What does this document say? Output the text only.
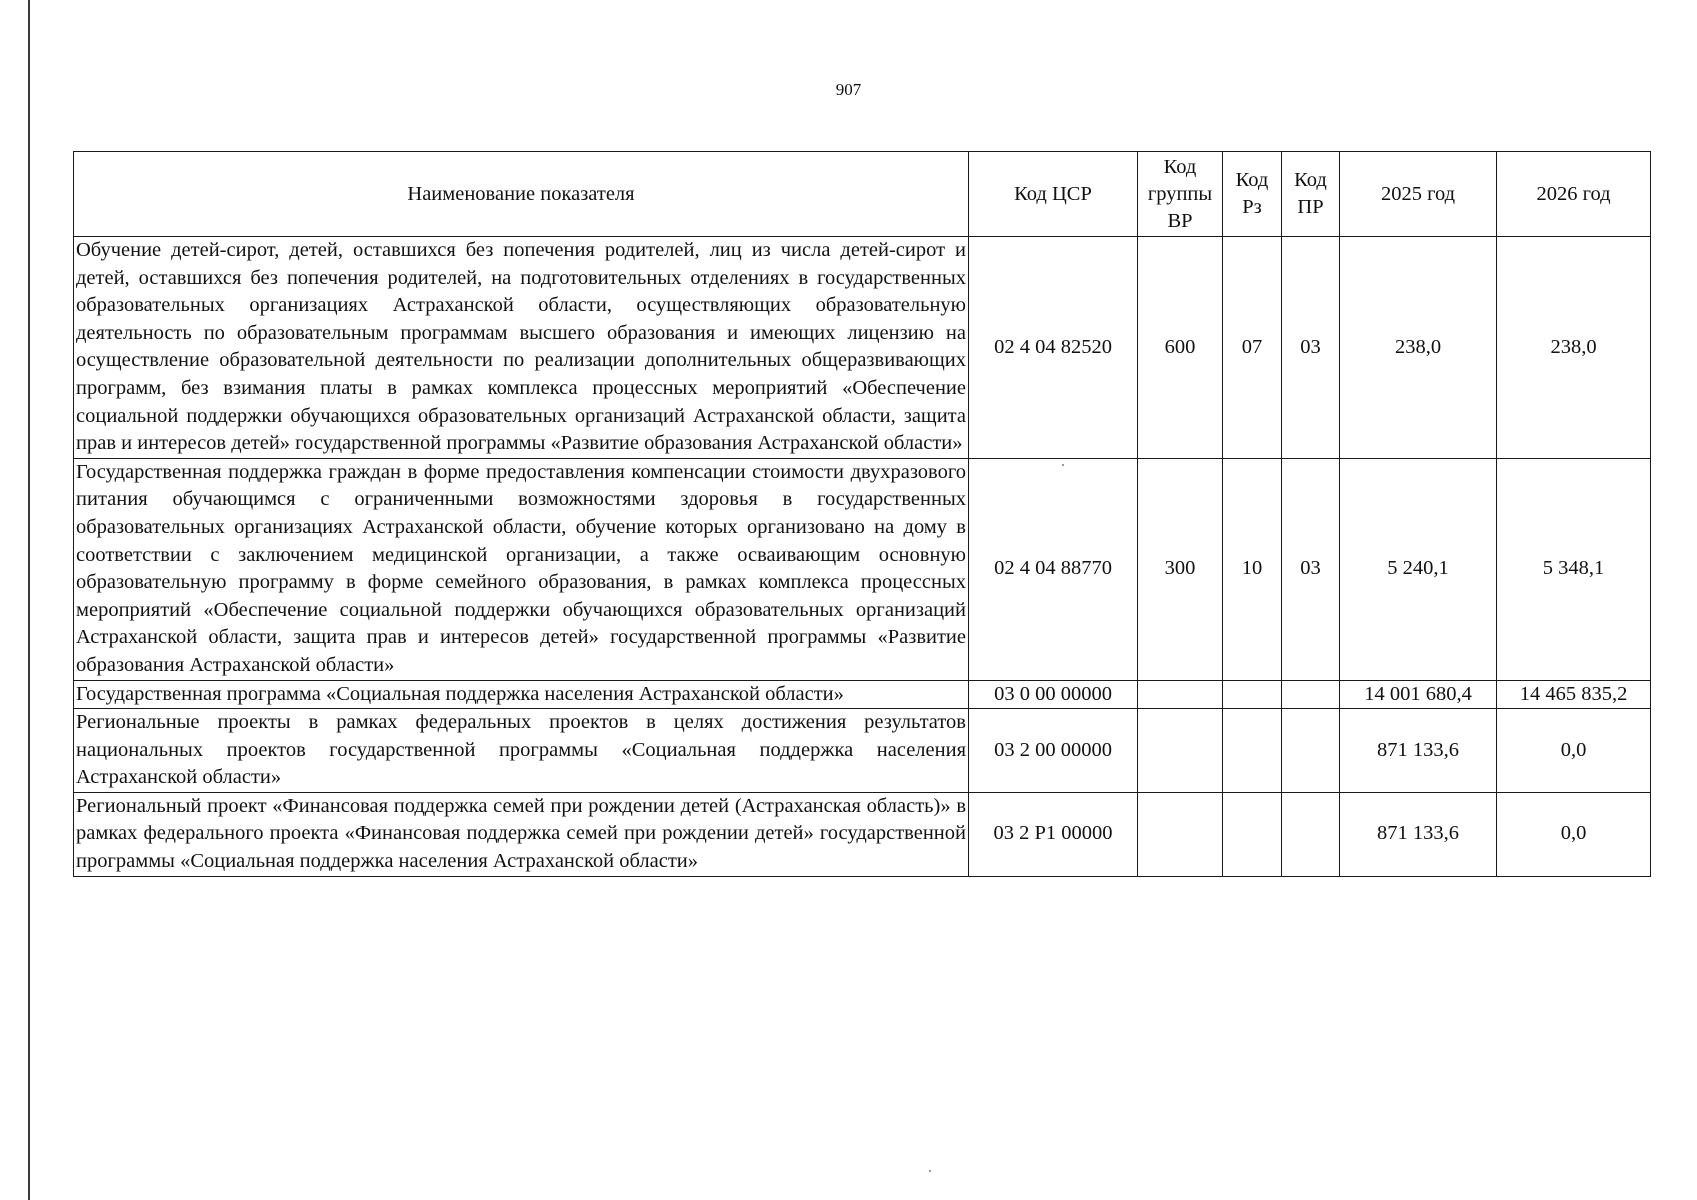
907
Наименование показателя	Код ЦСР	Код группы ВР	Код Рз	Код ПР	2025 год	2026 год
Обучение детей-сирот, детей, оставшихся без попечения родителей, лиц из числа детей-сирот и детей, оставшихся без попечения родителей, на подготовительных отделениях в государственных образовательных организациях Астраханской области, осуществляющих образовательную деятельность по образовательным программам высшего образования и имеющих лицензию на осуществление образовательной деятельности по реализации дополнительных общеразвивающих программ, без взимания платы в рамках комплекса процессных мероприятий «Обеспечение социальной поддержки обучающихся образовательных организаций Астраханской области, защита прав и интересов детей» государственной программы «Развитие образования Астраханской области»	02 4 04 82520	600	07	03	238,0	238,0
Государственная поддержка граждан в форме предоставления компенсации стоимости двухразового питания обучающимся с ограниченными возможностями здоровья в государственных образовательных организациях Астраханской области, обучение которых организовано на дому в соответствии с заключением медицинской организации, а также осваивающим основную образовательную программу в форме семейного образования, в рамках комплекса процессных мероприятий «Обеспечение социальной поддержки обучающихся образовательных организаций Астраханской области, защита прав и интересов детей» государственной программы «Развитие образования Астраханской области»	02 4 04 88770	300	10	03	5 240,1	5 348,1
Государственная программа «Социальная поддержка населения Астраханской области»	03 0 00 00000				14 001 680,4	14 465 835,2
Региональные проекты в рамках федеральных проектов в целях достижения результатов национальных проектов государственной программы «Социальная поддержка населения Астраханской области»	03 2 00 00000				871 133,6	0,0
Региональный проект «Финансовая поддержка семей при рождении детей (Астраханская область)» в рамках федерального проекта «Финансовая поддержка семей при рождении детей» государственной программы «Социальная поддержка населения Астраханской области»	03 2 P1 00000				871 133,6	0,0
